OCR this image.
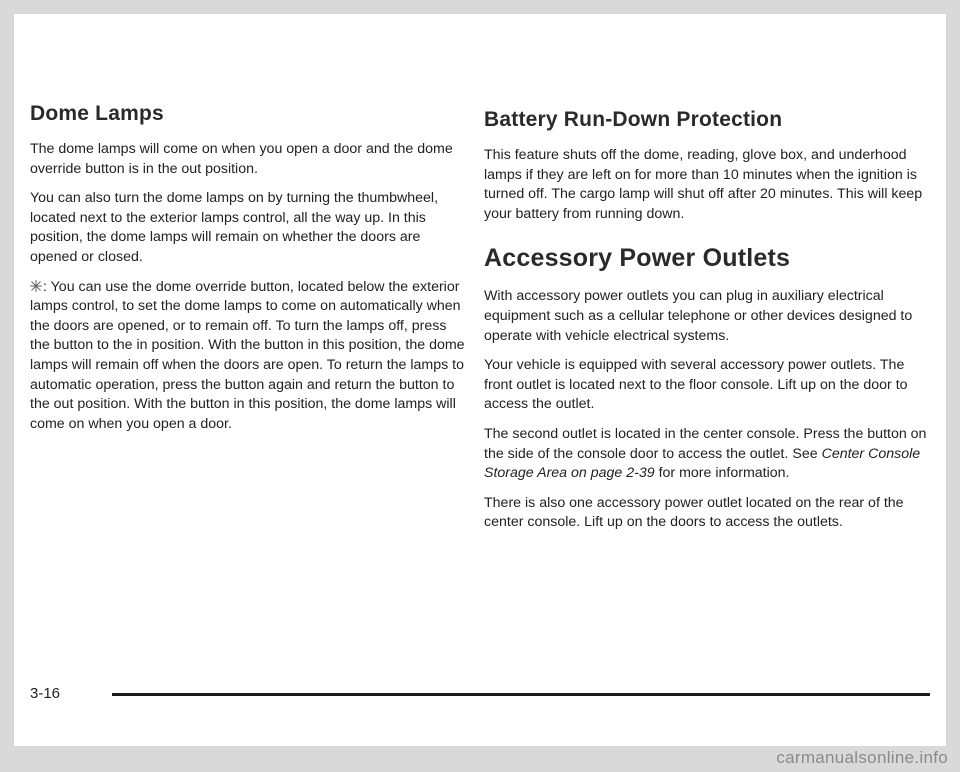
Dome Lamps

The dome lamps will come on when you open a door and the dome override button is in the out position.

You can also turn the dome lamps on by turning the thumbwheel, located next to the exterior lamps control, all the way up. In this position, the dome lamps will remain on whether the doors are opened or closed.

: You can use the dome override button, located below the exterior lamps control, to set the dome lamps to come on automatically when the doors are opened, or to remain off. To turn the lamps off, press the button to the in position. With the button in this position, the dome lamps will remain off when the doors are open. To return the lamps to automatic operation, press the button again and return the button to the out position. With the button in this position, the dome lamps will come on when you open a door.

Battery Run-Down Protection

This feature shuts off the dome, reading, glove box, and underhood lamps if they are left on for more than 10 minutes when the ignition is turned off. The cargo lamp will shut off after 20 minutes. This will keep your battery from running down.

Accessory Power Outlets

With accessory power outlets you can plug in auxiliary electrical equipment such as a cellular telephone or other devices designed to operate with vehicle electrical systems.

Your vehicle is equipped with several accessory power outlets. The front outlet is located next to the floor console. Lift up on the door to access the outlet.

The second outlet is located in the center console. Press the button on the side of the console door to access the outlet. See Center Console Storage Area on page 2-39 for more information.

There is also one accessory power outlet located on the rear of the center console. Lift up on the doors to access the outlets.

3-16
carmanualsonline.info
